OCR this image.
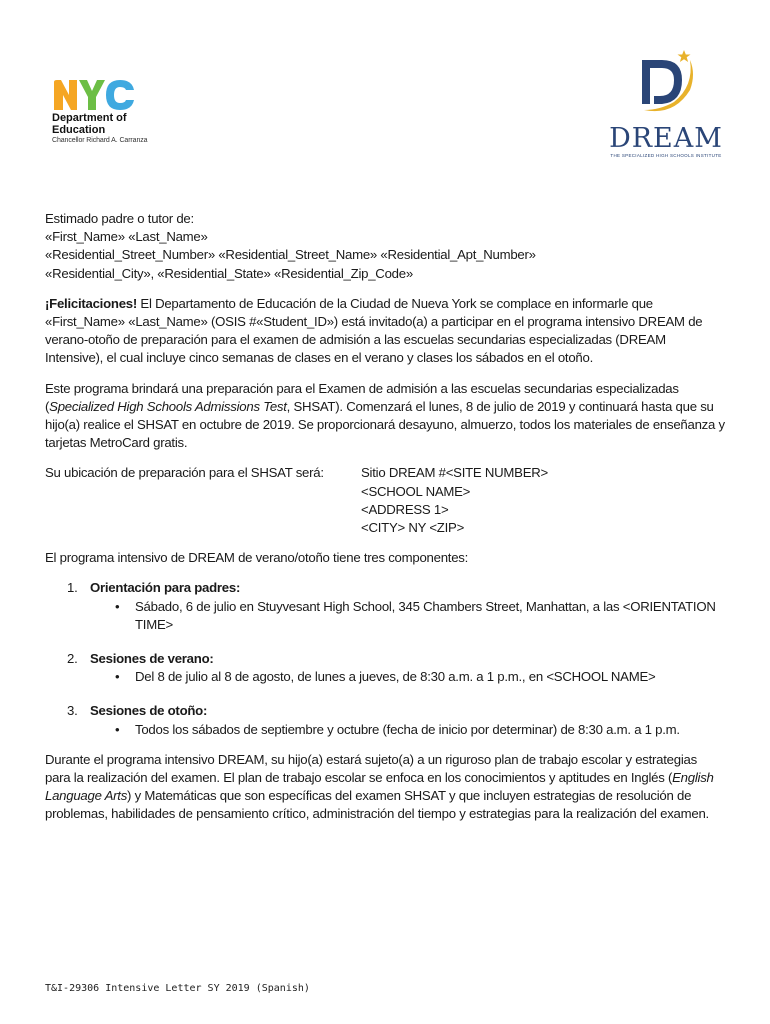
Department of
Education
Chancellor Richard A. Carranza	DREAM
THE SPECIALIZED HIGH SCHOOLS INSTITUTE

Estimado padre o tutor de:

«First_Name» «Last_Name»

«Residential_Street_Number» «Residential_Street_Name» «Residential_Apt_Number»

«Residential_City», «Residential_State» «Residential_Zip_Code»

¡Felicitaciones! El Departamento de Educación de la Ciudad de Nueva York se complace en informarle que «First_Name» «Last_Name» (OSIS #«Student_ID») está invitado(a) a participar en el programa intensivo DREAM de verano-otoño de preparación para el examen de admisión a las escuelas secundarias especializadas (DREAM Intensive), el cual incluye cinco semanas de clases en el verano y clases los sábados en el otoño.

Este programa brindará una preparación para el Examen de admisión a las escuelas secundarias especializadas (Specialized High Schools Admissions Test, SHSAT). Comenzará el lunes, 8 de julio de 2019 y continuará hasta que su hijo(a) realice el SHSAT en octubre de 2019. Se proporcionará desayuno, almuerzo, todos los materiales de enseñanza y tarjetas MetroCard gratis.

Su ubicación de preparación para el SHSAT será:	Sitio DREAM #<SITE NUMBER>
<SCHOOL NAME>
<ADDRESS 1>
<CITY> NY <ZIP>

El programa intensivo de DREAM de verano/otoño tiene tres componentes:

1. Orientación para padres:
• Sábado, 6 de julio en Stuyvesant High School, 345 Chambers Street, Manhattan, a las <ORIENTATION TIME>
2. Sesiones de verano:
• Del 8 de julio al 8 de agosto, de lunes a jueves, de 8:30 a.m. a 1 p.m., en <SCHOOL NAME>
3. Sesiones de otoño:
• Todos los sábados de septiembre y octubre (fecha de inicio por determinar) de 8:30 a.m. a 1 p.m.

Durante el programa intensivo DREAM, su hijo(a) estará sujeto(a) a un riguroso plan de trabajo escolar y estrategias para la realización del examen. El plan de trabajo escolar se enfoca en los conocimientos y aptitudes en Inglés (English Language Arts) y Matemáticas que son específicas del examen SHSAT y que incluyen estrategias de resolución de problemas, habilidades de pensamiento crítico, administración del tiempo y estrategias para la realización del examen.

T&I-29306 Intensive Letter SY 2019 (Spanish)
